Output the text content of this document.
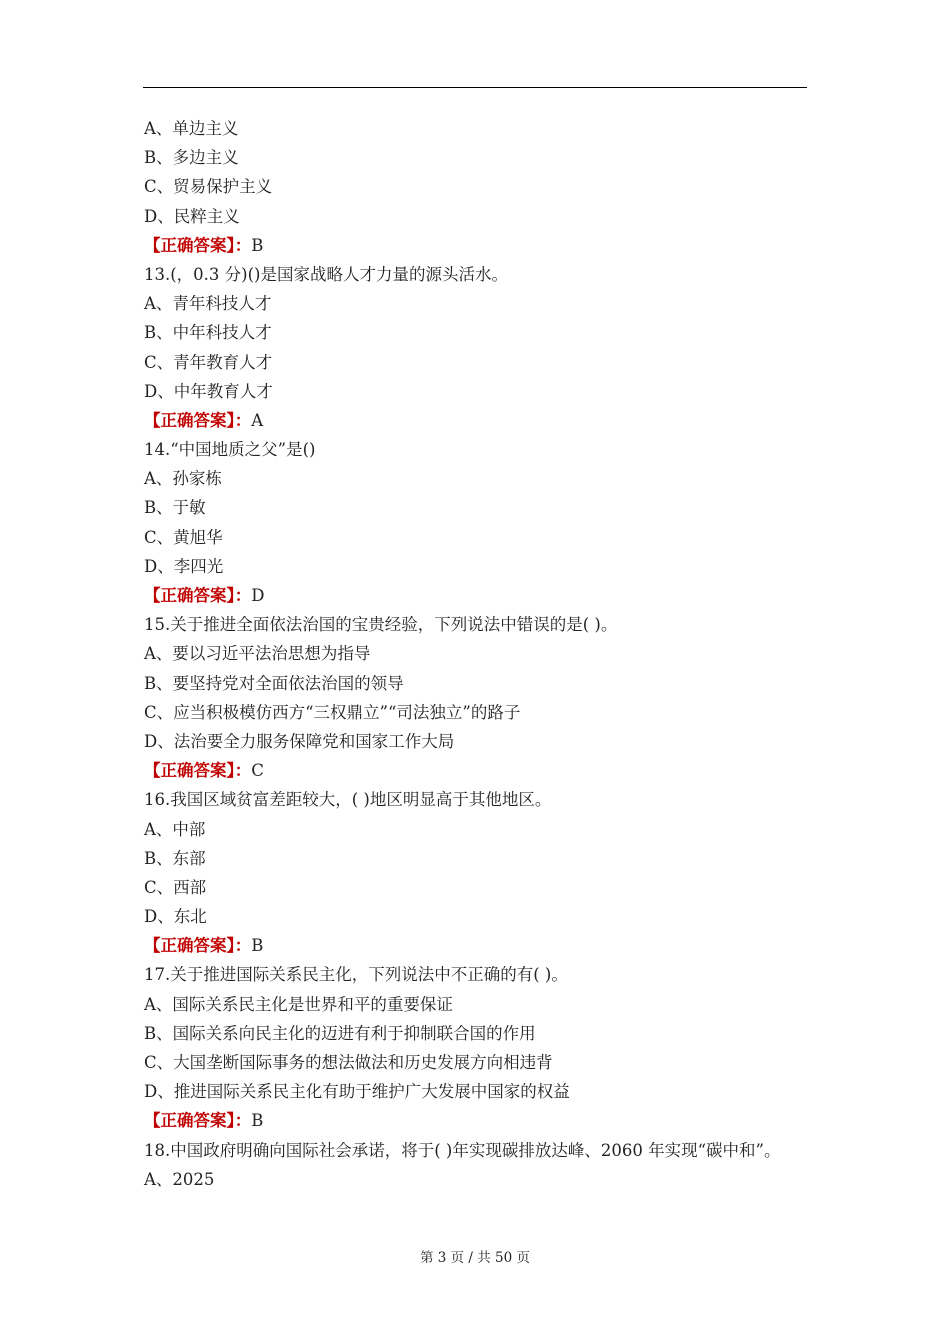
A、单边主义
B、多边主义
C、贸易保护主义
D、民粹主义
【正确答案】：B
13.(，0.3 分)()是国家战略人才力量的源头活水。
A、青年科技人才
B、中年科技人才
C、青年教育人才
D、中年教育人才
【正确答案】：A
14.“中国地质之父”是()
A、孙家栋
B、于敏
C、黄旭华
D、李四光
【正确答案】：D
15.关于推进全面依法治国的宝贵经验，下列说法中错误的是( )。
A、要以习近平法治思想为指导
B、要坚持党对全面依法治国的领导
C、应当积极模仿西方“三权鼎立”“司法独立”的路子
D、法治要全力服务保障党和国家工作大局
【正确答案】：C
16.我国区域贫富差距较大，( )地区明显高于其他地区。
A、中部
B、东部
C、西部
D、东北
【正确答案】：B
17.关于推进国际关系民主化，下列说法中不正确的有( )。
A、国际关系民主化是世界和平的重要保证
B、国际关系向民主化的迈进有利于抑制联合国的作用
C、大国垄断国际事务的想法做法和历史发展方向相违背
D、推进国际关系民主化有助于维护广大发展中国家的权益
【正确答案】：B
18.中国政府明确向国际社会承诺，将于( )年实现碳排放达峰、2060 年实现“碳中和”。
A、2025
第 3 页 / 共 50 页
